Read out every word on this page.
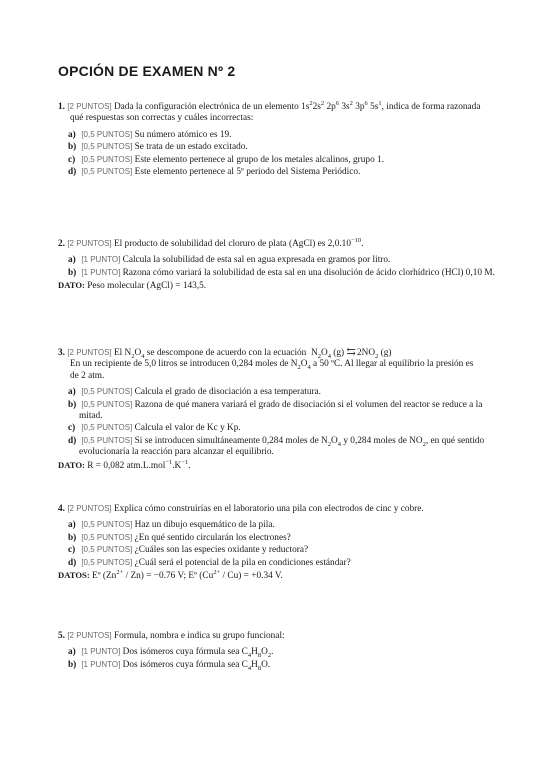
OPCIÓN DE EXAMEN Nº 2

1. [2 PUNTOS] Dada la configuración electrónica de un elemento $1s^22s^2$ $2p^6$ $3s^2$ $3p^6$ $5s^1$, indica de forma razonada

qué respuestas son correctas y cuáles incorrectas:

a) [0,5 PUNTOS] Su número atómico es 19.
b) [0,5 PUNTOS] Se trata de un estado excitado.
c) [0,5 PUNTOS] Este elemento pertenece al grupo de los metales alcalinos, grupo 1.
d) [0,5 PUNTOS] Este elemento pertenece al 5º periodo del Sistema Periódico.

2. [2 PUNTOS] El producto de solubilidad del cloruro de plata (AgCl) es $2,0.10^{-10}$.

a) [1 PUNTO] Calcula la solubilidad de esta sal en agua expresada en gramos por litro.
b) [1 PUNTO] Razona cómo variará la solubilidad de esta sal en una disolución de ácido clorhídrico (HCl) 0,10 M.

DATO: Peso molecular (AgCl) = 143,5.

3. [2 PUNTOS] El $N_2O_4$ se descompone de acuerdo con la ecuación $N_2O_4$ (g) ⇆ $2NO_2$ (g)

En un recipiente de 5,0 litros se introducen 0,284 moles de $N_2O_4$ a 50 ºC. Al llegar al equilibrio la presión es

de 2 atm.

a) [0,5 PUNTOS] Calcula el grado de disociación a esa temperatura.
b) [0,5 PUNTOS] Razona de qué manera variará el grado de disociación si el volumen del reactor se reduce a la mitad.
c) [0,5 PUNTOS] Calcula el valor de Kc y Kp.
d) [0,5 PUNTOS] Si se introducen simultáneamente 0,284 moles de $N_2O_4$ y 0,284 moles de $NO_2$, en qué sentido evolucionaría la reacción para alcanzar el equilibrio.

DATO: R = 0,082 $atm.L.mol^{-1}.K^{-1}$.

4. [2 PUNTOS] Explica cómo construirías en el laboratorio una pila con electrodos de cinc y cobre.

a) [0,5 PUNTOS] Haz un dibujo esquemático de la pila.
b) [0,5 PUNTOS] ¿En qué sentido circularán los electrones?
c) [0,5 PUNTOS] ¿Cuáles son las especies oxidante y reductora?
d) [0,5 PUNTOS] ¿Cuál será el potencial de la pila en condiciones estándar?

DATOS: Eº $(Zn^{2+} / Zn) = -0.76$ V; Eº $(Cu^{2+} / Cu) = +0.34$ V.

5. [2 PUNTOS] Formula, nombra e indica su grupo funcional:

a) [1 PUNTO] Dos isómeros cuya fórmula sea $C_4H_8O_2$.
b) [1 PUNTO] Dos isómeros cuya fórmula sea $C_4H_8O$.
